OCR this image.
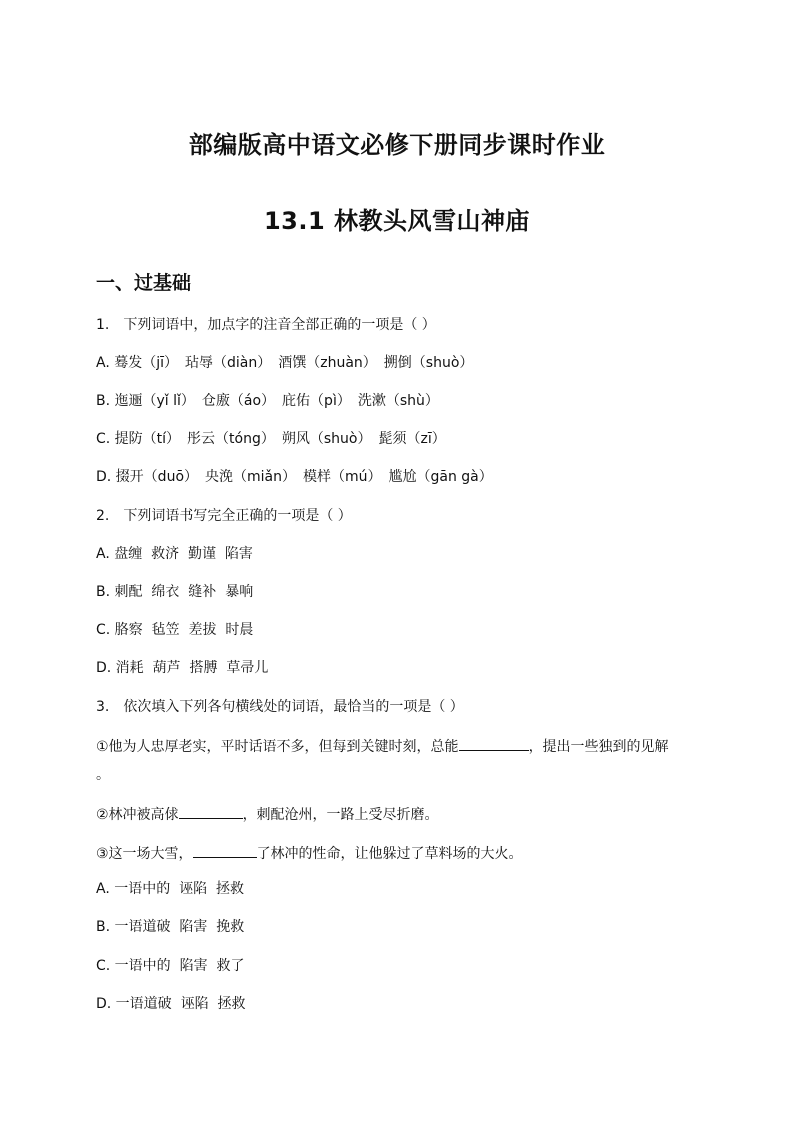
部编版高中语文必修下册同步课时作业
13.1 林教头风雪山神庙
一、过基础
1.　下列词语中，加点字的注音全部正确的一项是（ ）
A. 蓦发（jī）　玷辱（diàn）　酒馔（zhuàn）　搠倒（shuò）
B. 迤逦（yǐ lǐ）　仓廒（áo）　庇佑（pì）　洗漱（shù）
C. 提防（tí）　彤云（tóng）　朔风（shuò）　髭须（zī）
D. 掇开（duō）　央浼（miǎn）　模样（mú）　尴尬（gān gà）
2.　下列词语书写完全正确的一项是（ ）
A. 盘缠  救济  勤谨  陷害
B. 刺配  绵衣  缝补  暴响
C. 胳察  毡笠  差拔  时晨
D. 消耗  葫芦  搭膊  草帚儿
3.　依次填入下列各句横线处的词语，最恰当的一项是（ ）
①他为人忠厚老实，平时话语不多，但每到关键时刻，总能	，提出一些独到的见解
。
②林冲被高俅	，刺配沧州，一路上受尽折磨。
③这一场大雪，	了林冲的性命，让他躲过了草料场的大火。
A. 一语中的  诬陷  拯救
B. 一语道破  陷害  挽救
C. 一语中的  陷害  救了
D. 一语道破  诬陷  拯救
